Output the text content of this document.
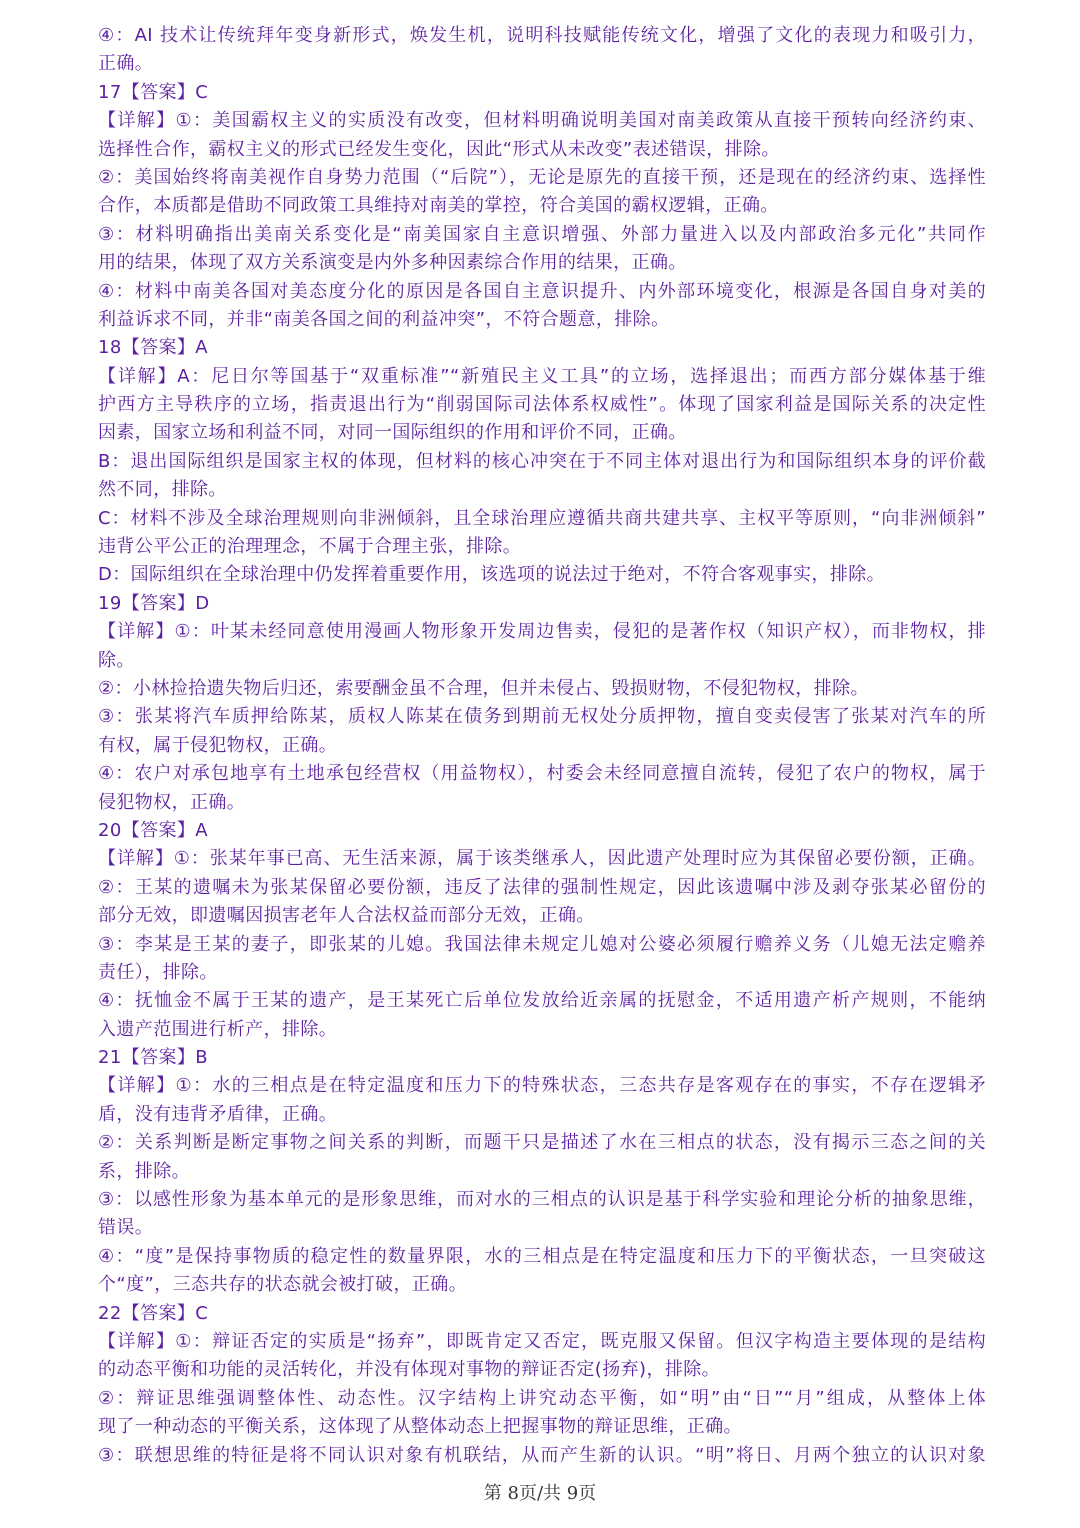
④：AI 技术让传统拜年变身新形式，焕发生机，说明科技赋能传统文化，增强了文化的表现力和吸引力，
正确。
17【答案】C
【详解】①：美国霸权主义的实质没有改变，但材料明确说明美国对南美政策从直接干预转向经济约束、
选择性合作，霸权主义的形式已经发生变化，因此“形式从未改变”表述错误，排除。
②：美国始终将南美视作自身势力范围（“后院”），无论是原先的直接干预，还是现在的经济约束、选择性
合作，本质都是借助不同政策工具维持对南美的掌控，符合美国的霸权逻辑，正确。
③：材料明确指出美南关系变化是“南美国家自主意识增强、外部力量进入以及内部政治多元化”共同作
用的结果，体现了双方关系演变是内外多种因素综合作用的结果，正确。
④：材料中南美各国对美态度分化的原因是各国自主意识提升、内外部环境变化，根源是各国自身对美的
利益诉求不同，并非“南美各国之间的利益冲突”，不符合题意，排除。
18【答案】A
【详解】A：尼日尔等国基于“双重标准”“新殖民主义工具”的立场，选择退出；而西方部分媒体基于维
护西方主导秩序的立场，指责退出行为“削弱国际司法体系权威性”。体现了国家利益是国际关系的决定性
因素，国家立场和利益不同，对同一国际组织的作用和评价不同，正确。
B：退出国际组织是国家主权的体现，但材料的核心冲突在于不同主体对退出行为和国际组织本身的评价截
然不同，排除。
C：材料不涉及全球治理规则向非洲倾斜，且全球治理应遵循共商共建共享、主权平等原则，“向非洲倾斜”
违背公平公正的治理理念，不属于合理主张，排除。
D：国际组织在全球治理中仍发挥着重要作用，该选项的说法过于绝对，不符合客观事实，排除。
19【答案】D
【详解】①：叶某未经同意使用漫画人物形象开发周边售卖，侵犯的是著作权（知识产权），而非物权，排
除。
②：小林捡拾遗失物后归还，索要酬金虽不合理，但并未侵占、毁损财物，不侵犯物权，排除。
③：张某将汽车质押给陈某，质权人陈某在债务到期前无权处分质押物，擅自变卖侵害了张某对汽车的所
有权，属于侵犯物权，正确。
④：农户对承包地享有土地承包经营权（用益物权），村委会未经同意擅自流转，侵犯了农户的物权，属于
侵犯物权，正确。
20【答案】A
【详解】①：张某年事已高、无生活来源，属于该类继承人，因此遗产处理时应为其保留必要份额，正确。
②：王某的遗嘱未为张某保留必要份额，违反了法律的强制性规定，因此该遗嘱中涉及剥夺张某必留份的
部分无效，即遗嘱因损害老年人合法权益而部分无效，正确。
③：李某是王某的妻子，即张某的儿媳。我国法律未规定儿媳对公婆必须履行赡养义务（儿媳无法定赡养
责任），排除。
④：抚恤金不属于王某的遗产，是王某死亡后单位发放给近亲属的抚慰金，不适用遗产析产规则，不能纳
入遗产范围进行析产，排除。
21【答案】B
【详解】①：水的三相点是在特定温度和压力下的特殊状态，三态共存是客观存在的事实，不存在逻辑矛
盾，没有违背矛盾律，正确。
②：关系判断是断定事物之间关系的判断，而题干只是描述了水在三相点的状态，没有揭示三态之间的关
系，排除。
③：以感性形象为基本单元的是形象思维，而对水的三相点的认识是基于科学实验和理论分析的抽象思维，
错误。
④：“度”是保持事物质的稳定性的数量界限，水的三相点是在特定温度和压力下的平衡状态，一旦突破这
个“度”，三态共存的状态就会被打破，正确。
22【答案】C
【详解】①：辩证否定的实质是“扬弃”，即既肯定又否定，既克服又保留。但汉字构造主要体现的是结构
的动态平衡和功能的灵活转化，并没有体现对事物的辩证否定(扬弃)，排除。
②：辩证思维强调整体性、动态性。汉字结构上讲究动态平衡，如“明”由“日”“月”组成，从整体上体
现了一种动态的平衡关系，这体现了从整体动态上把握事物的辩证思维，正确。
③：联想思维的特征是将不同认识对象有机联结，从而产生新的认识。“明”将日、月两个独立的认识对象
第 8页/共 9页
